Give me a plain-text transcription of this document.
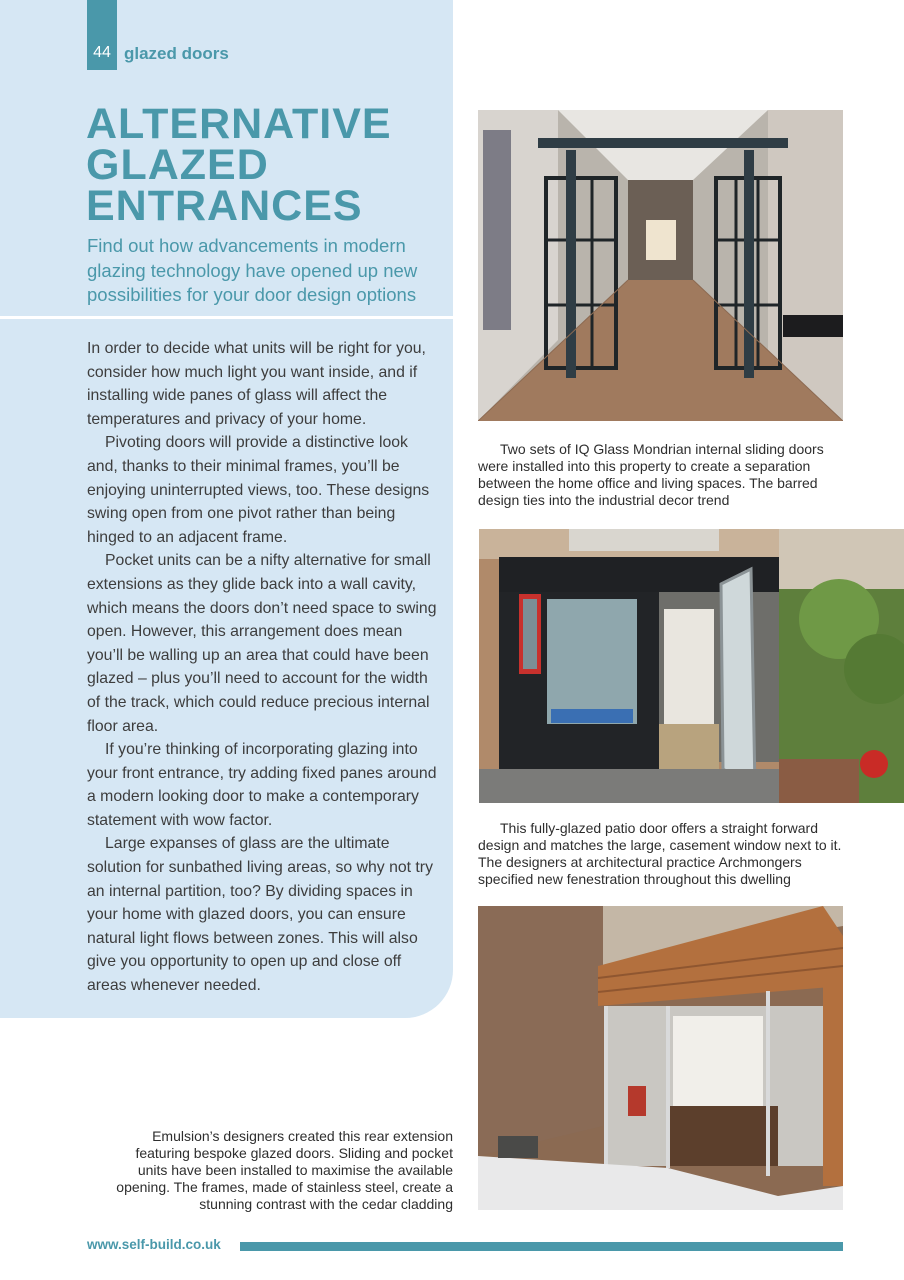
44 glazed doors
ALTERNATIVE
GLAZED
ENTRANCES

Find out how advancements in modern glazing technology have opened up new possibilities for your door design options

In order to decide what units will be right for you, consider how much light you want inside, and if installing wide panes of glass will affect the temperatures and privacy of your home.

Pivoting doors will provide a distinctive look and, thanks to their minimal frames, you’ll be enjoying uninterrupted views, too. These designs swing open from one pivot rather than being hinged to an adjacent frame.

Pocket units can be a nifty alternative for small extensions as they glide back into a wall cavity, which means the doors don’t need space to swing open. However, this arrangement does mean you’ll be walling up an area that could have been glazed – plus you’ll need to account for the width of the track, which could reduce precious internal floor area.

If you’re thinking of incorporating glazing into your front entrance, try adding fixed panes around a modern looking door to make a contemporary statement with wow factor.

Large expanses of glass are the ultimate solution for sunbathed living areas, so why not try an internal partition, too? By dividing spaces in your home with glazed doors, you can ensure natural light flows between zones. This will also give you opportunity to open up and close off areas whenever needed.

Two sets of IQ Glass Mondrian internal sliding doors were installed into this property to create a separation between the home office and living spaces. The barred design ties into the industrial decor trend

This fully-glazed patio door offers a straight forward design and matches the large, casement window next to it. The designers at architectural practice Archmongers specified new fenestration throughout this dwelling

Emulsion’s designers created this rear extension featuring bespoke glazed doors. Sliding and pocket units have been installed to maximise the available opening. The frames, made of stainless steel, create a stunning contrast with the cedar cladding

www.self-build.co.uk
